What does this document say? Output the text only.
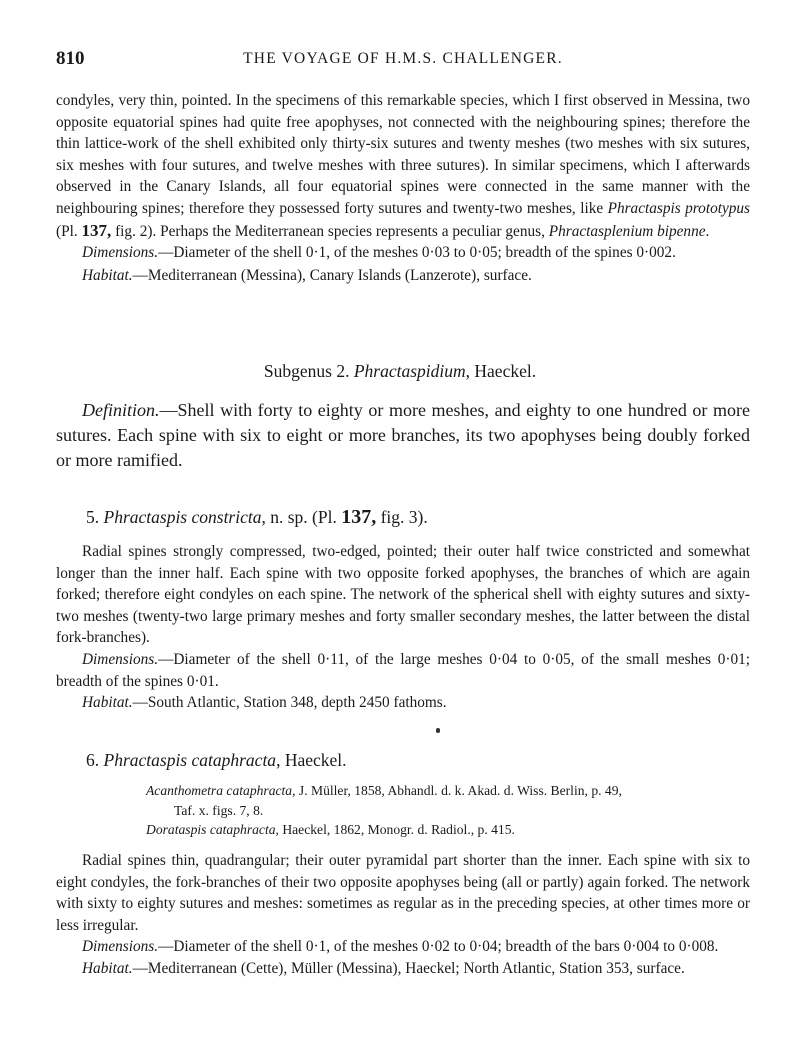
810	THE VOYAGE OF H.M.S. CHALLENGER.

condyles, very thin, pointed. In the specimens of this remarkable species, which I first observed in Messina, two opposite equatorial spines had quite free apophyses, not connected with the neighbouring spines; therefore the thin lattice-work of the shell exhibited only thirty-six sutures and twenty meshes (two meshes with six sutures, six meshes with four sutures, and twelve meshes with three sutures). In similar specimens, which I afterwards observed in the Canary Islands, all four equatorial spines were connected in the same manner with the neighbouring spines; therefore they possessed forty sutures and twenty-two meshes, like Phractaspis prototypus (Pl. 137, fig. 2). Perhaps the Mediterranean species represents a peculiar genus, Phractasplenium bipenne.

Dimensions.—Diameter of the shell 0·1, of the meshes 0·03 to 0·05; breadth of the spines 0·002.

Habitat.—Mediterranean (Messina), Canary Islands (Lanzerote), surface.

Subgenus 2. Phractaspidium, Haeckel.

Definition.—Shell with forty to eighty or more meshes, and eighty to one hundred or more sutures. Each spine with six to eight or more branches, its two apophyses being doubly forked or more ramified.

5. Phractaspis constricta, n. sp. (Pl. 137, fig. 3).

Radial spines strongly compressed, two-edged, pointed; their outer half twice constricted and somewhat longer than the inner half. Each spine with two opposite forked apophyses, the branches of which are again forked; therefore eight condyles on each spine. The network of the spherical shell with eighty sutures and sixty-two meshes (twenty-two large primary meshes and forty smaller secondary meshes, the latter between the distal fork-branches).

Dimensions.—Diameter of the shell 0·11, of the large meshes 0·04 to 0·05, of the small meshes 0·01; breadth of the spines 0·01.

Habitat.—South Atlantic, Station 348, depth 2450 fathoms.

6. Phractaspis cataphracta, Haeckel.

Acanthometra cataphracta, J. Müller, 1858, Abhandl. d. k. Akad. d. Wiss. Berlin, p. 49,

Taf. x. figs. 7, 8.

Dorataspis cataphracta, Haeckel, 1862, Monogr. d. Radiol., p. 415.

Radial spines thin, quadrangular; their outer pyramidal part shorter than the inner. Each spine with six to eight condyles, the fork-branches of their two opposite apophyses being (all or partly) again forked. The network with sixty to eighty sutures and meshes: sometimes as regular as in the preceding species, at other times more or less irregular.

Dimensions.—Diameter of the shell 0·1, of the meshes 0·02 to 0·04; breadth of the bars 0·004 to 0·008.

Habitat.—Mediterranean (Cette), Müller (Messina), Haeckel; North Atlantic, Station 353, surface.
